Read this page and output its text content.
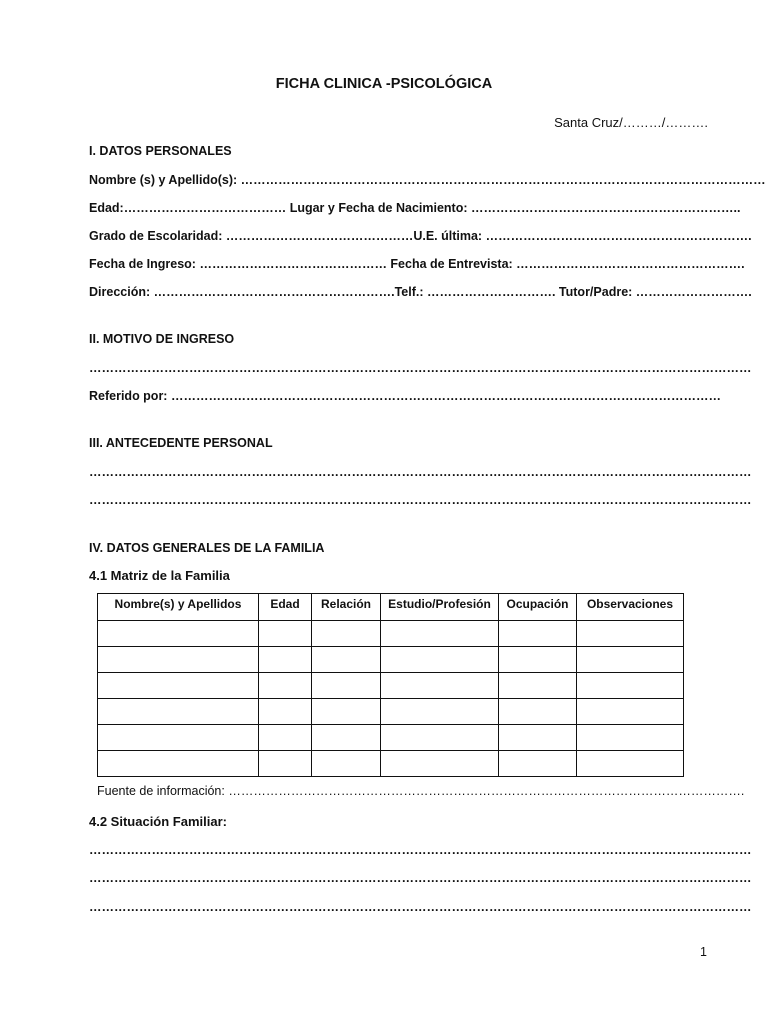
FICHA CLINICA -PSICOLÓGICA
Santa Cruz/………/……….
I. DATOS PERSONALES
Nombre (s) y Apellido(s): ………………………………………………………………………………………………………………
Edad:………………………………… Lugar y Fecha de Nacimiento: ………………………………………………………..
Grado de Escolaridad: ………………………………………U.E. última: ……………………………………………………….
Fecha de Ingreso: ……………………………………… Fecha de Entrevista: ……………………………………………….
Dirección: ………………………………………………….Telf.: …………………………. Tutor/Padre: ……………………….
II. MOTIVO DE INGRESO
……………………………………………………………………………………………………………………………………………
Referido por: ……………………………………………………………………………………………………………………
III. ANTECEDENTE PERSONAL
……………………………………………………………………………………………………………………………………………
……………………………………………………………………………………………………………………………………………
IV. DATOS GENERALES DE LA FAMILIA
4.1 Matriz de la Familia
Nombre(s) y Apellidos	Edad	Relación	Estudio/Profesión	Ocupación	Observaciones

Fuente de información: …………………………………………………………………………………………………………….
4.2 Situación Familiar:
……………………………………………………………………………………………………………………………………………
……………………………………………………………………………………………………………………………………………
……………………………………………………………………………………………………………………………………………
1
